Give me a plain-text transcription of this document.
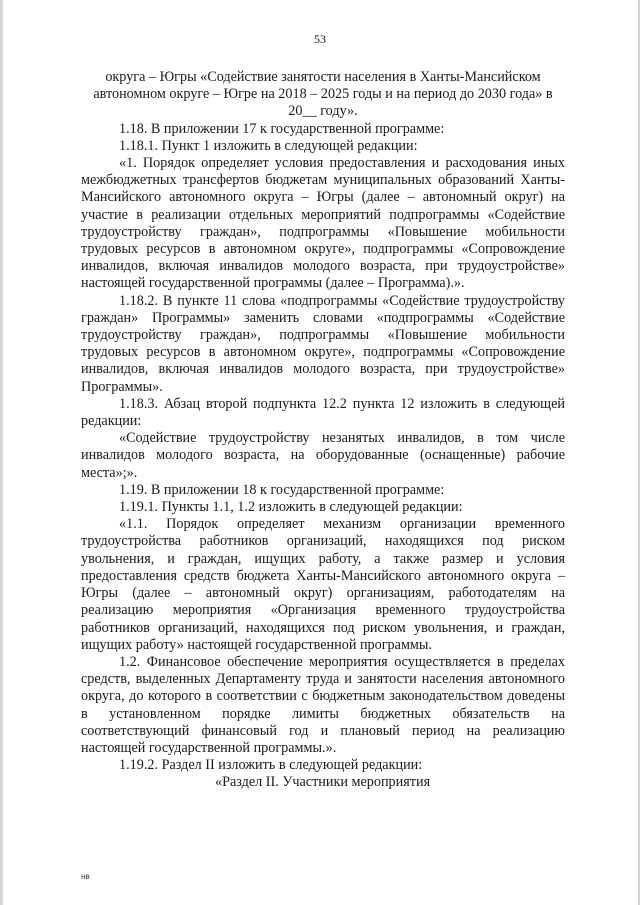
53

округа – Югры «Содействие занятости населения в Ханты-Мансийском автономном округе – Югре на 2018 – 2025 годы и на период до 2030 года» в 20__ году».

1.18. В приложении 17 к государственной программе:

1.18.1. Пункт 1 изложить в следующей редакции:

«1. Порядок определяет условия предоставления и расходования иных межбюджетных трансфертов бюджетам муниципальных образований Ханты-Мансийского автономного округа – Югры (далее – автономный округ) на участие в реализации отдельных мероприятий подпрограммы «Содействие трудоустройству граждан», подпрограммы «Повышение мобильности трудовых ресурсов в автономном округе», подпрограммы «Сопровождение инвалидов, включая инвалидов молодого возраста, при трудоустройстве» настоящей государственной программы (далее – Программа).».

1.18.2. В пункте 11 слова «подпрограммы «Содействие трудоустройству граждан» Программы» заменить словами «подпрограммы «Содействие трудоустройству граждан», подпрограммы «Повышение мобильности трудовых ресурсов в автономном округе», подпрограммы «Сопровождение инвалидов, включая инвалидов молодого возраста, при трудоустройстве» Программы».

1.18.3. Абзац второй подпункта 12.2 пункта 12 изложить в следующей редакции:

«Содействие трудоустройству незанятых инвалидов, в том числе инвалидов молодого возраста, на оборудованные (оснащенные) рабочие места»;».

1.19. В приложении 18 к государственной программе:

1.19.1. Пункты 1.1, 1.2 изложить в следующей редакции:

«1.1. Порядок определяет механизм организации временного трудоустройства работников организаций, находящихся под риском увольнения, и граждан, ищущих работу, а также размер и условия предоставления средств бюджета Ханты-Мансийского автономного округа – Югры (далее – автономный округ) организациям, работодателям на реализацию мероприятия «Организация временного трудоустройства работников организаций, находящихся под риском увольнения, и граждан, ищущих работу» настоящей государственной программы.

1.2. Финансовое обеспечение мероприятия осуществляется в пределах средств, выделенных Департаменту труда и занятости населения автономного округа, до которого в соответствии с бюджетным законодательством доведены в установленном порядке лимиты бюджетных обязательств на соответствующий финансовый год и плановый период на реализацию настоящей государственной программы.».

1.19.2. Раздел II изложить в следующей редакции:

«Раздел II. Участники мероприятия

нв
